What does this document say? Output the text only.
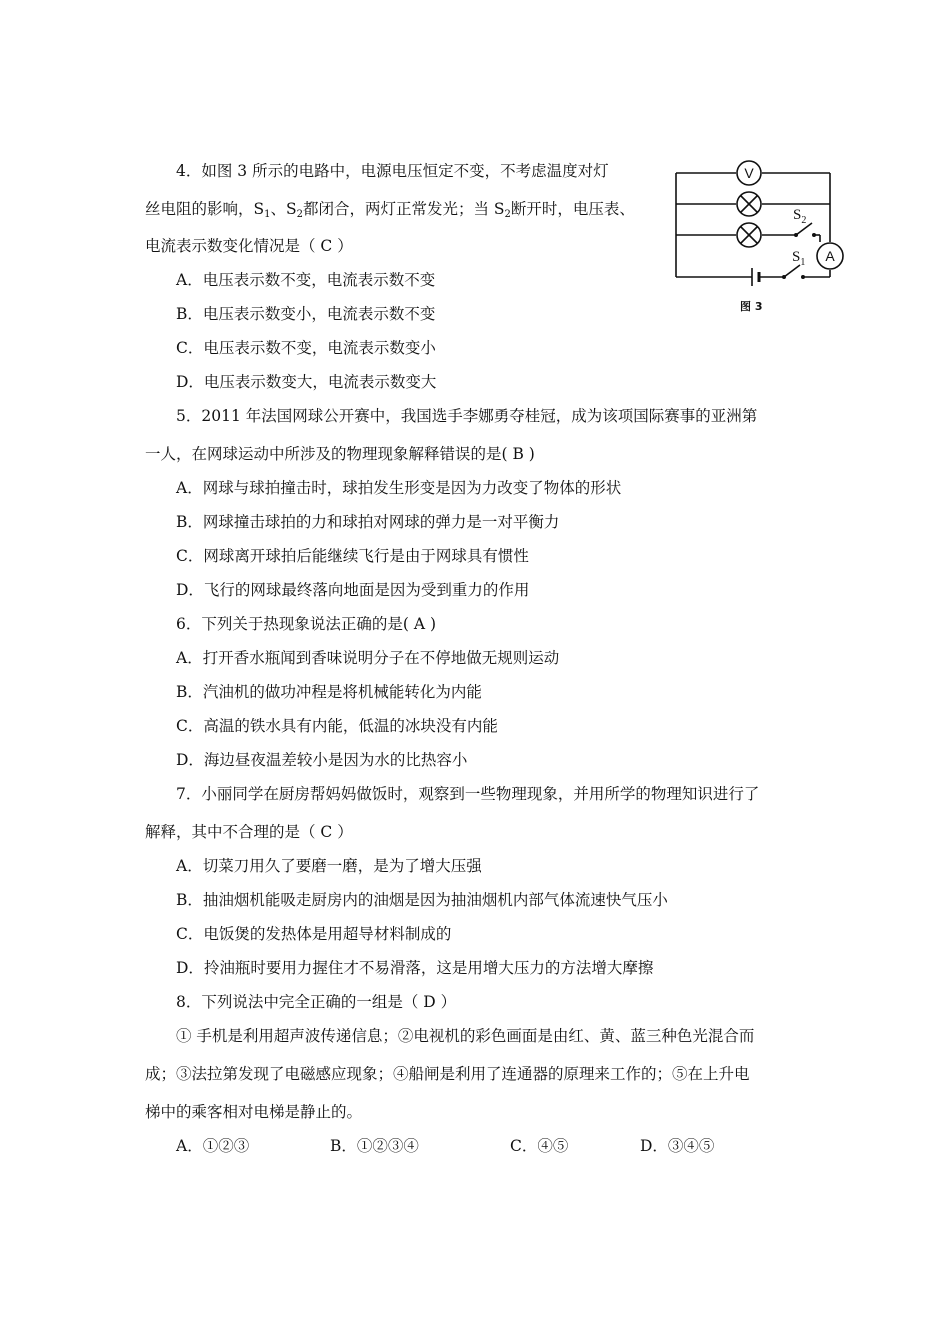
4．如图 3 所示的电路中，电源电压恒定不变，不考虑温度对灯
丝电阻的影响，$S_1$、$S_2$都闭合，两灯正常发光；当 $S_2$断开时，电压表、
电流表示数变化情况是（ C ）
A．电压表示数不变，电流表示数不变
B．电压表示数变小，电流表示数不变
C．电压表示数不变，电流表示数变小
D．电压表示数变大，电流表示数变大
V
A
$S_2$
$S_1$
图 3
5．2011 年法国网球公开赛中，我国选手李娜勇夺桂冠，成为该项国际赛事的亚洲第
一人，在网球运动中所涉及的物理现象解释错误的是( B )
A．网球与球拍撞击时，球拍发生形变是因为力改变了物体的形状
B．网球撞击球拍的力和球拍对网球的弹力是一对平衡力
C．网球离开球拍后能继续飞行是由于网球具有惯性
D．飞行的网球最终落向地面是因为受到重力的作用
6．下列关于热现象说法正确的是( A )
A．打开香水瓶闻到香味说明分子在不停地做无规则运动
B．汽油机的做功冲程是将机械能转化为内能
C．高温的铁水具有内能，低温的冰块没有内能
D．海边昼夜温差较小是因为水的比热容小
7．小丽同学在厨房帮妈妈做饭时，观察到一些物理现象，并用所学的物理知识进行了
解释，其中不合理的是（ C ）
A．切菜刀用久了要磨一磨，是为了增大压强
B．抽油烟机能吸走厨房内的油烟是因为抽油烟机内部气体流速快气压小
C．电饭煲的发热体是用超导材料制成的
D．拎油瓶时要用力握住才不易滑落，这是用增大压力的方法增大摩擦
8．下列说法中完全正确的一组是（ D ）
① 手机是利用超声波传递信息；②电视机的彩色画面是由红、黄、蓝三种色光混合而
成；③法拉第发现了电磁感应现象；④船闸是利用了连通器的原理来工作的；⑤在上升电
梯中的乘客相对电梯是静止的。
A．①②③	B．①②③④	C．④⑤	D．③④⑤
